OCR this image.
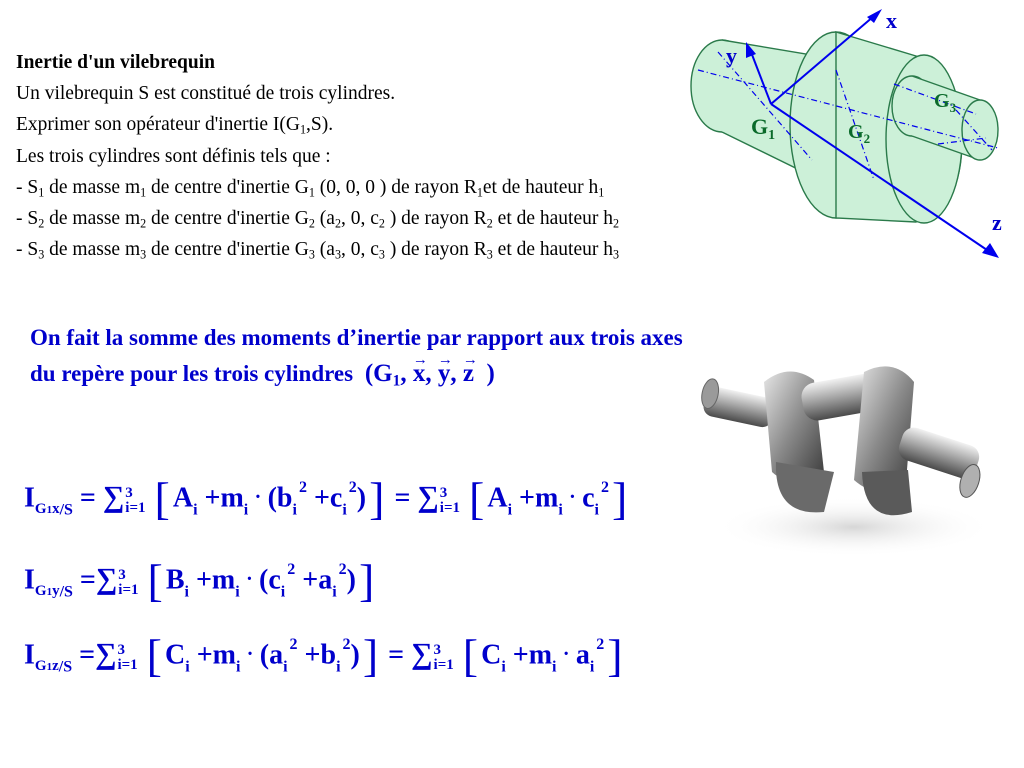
Inertie d'un vilebrequin
Un vilebrequin S est constitué de trois cylindres.
Exprimer son opérateur d'inertie $I(G_1,S)$.
Les trois cylindres sont définis tels que :
- $S_1$ de masse $m_1$ de centre d'inertie $G_1$ (0, 0, 0 ) de rayon $R_1et$ de hauteur $h_1$
- $S_2$ de masse $m_2$ de centre d'inertie $G_2$ ($a_2$, 0, $c_2$ ) de rayon $R_2$ et de hauteur $h_2$
- $S_3$ de masse $m_3$ de centre d'inertie $G_3$ ($a_3$, 0, $c_3$ ) de rayon $R_3$ et de hauteur $h_3$
x
y
z
$G_1$	$G_2$
$G_3$
On fait la somme des moments d’inertie par rapport aux trois axes
du repère pour les trois cylindres ($G_1$, → x, → y, → z  )
$I_{G1x/S}$ = ∑ 3
i=1 [ $A_i +m_i \cdot (b_i^2 +c_i^2)$] = ∑ 3
i=1 [ $A_i +m_i \cdot c_i^2$]
$I_{G1y/S}$ =∑ 3
i=1 [ $B_i +m_i \cdot (c_i^2 +a_i^2)$]
$I_{G1z/S}$ =∑ 3
i=1 [ $C_i +m_i \cdot (a_i^2 +b_i^2)$] = ∑ 3
i=1 [ $C_i +m_i \cdot a_i^2$]
